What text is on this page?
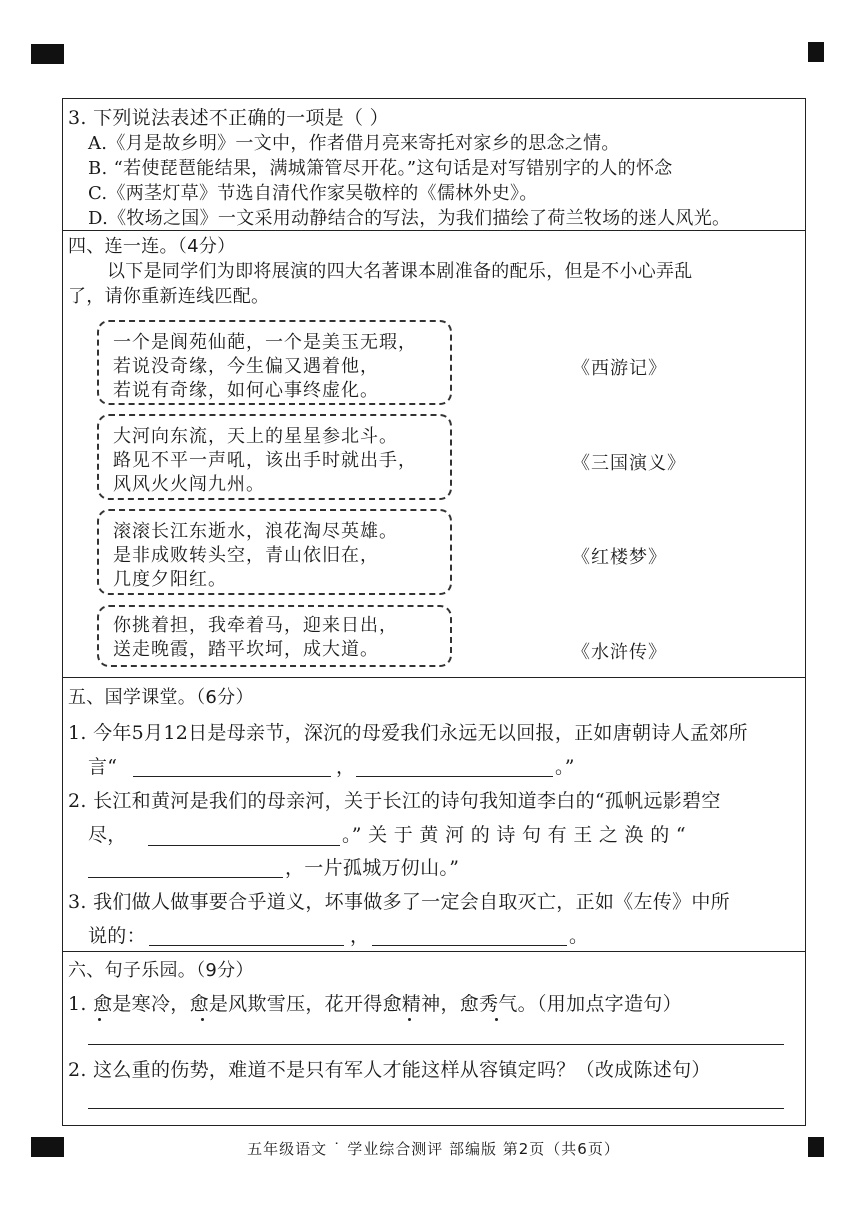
3. 下列说法表述不正确的一项是（ ）
A.《月是故乡明》一文中，作者借月亮来寄托对家乡的思念之情。
B. “若使琵琶能结果，满城箫管尽开花。”这句话是对写错别字的人的怀念
C.《两茎灯草》节选自清代作家吴敬梓的《儒林外史》。
D.《牧场之国》一文采用动静结合的写法，为我们描绘了荷兰牧场的迷人风光。
四、连一连。（4分）
以下是同学们为即将展演的四大名著课本剧准备的配乐，但是不小心弄乱
了，请你重新连线匹配。
一个是阆苑仙葩，一个是美玉无瑕，
若说没奇缘，今生偏又遇着他，
若说有奇缘，如何心事终虚化。
大河向东流，天上的星星参北斗。
路见不平一声吼，该出手时就出手，
风风火火闯九州。
滚滚长江东逝水，浪花淘尽英雄。
是非成败转头空，青山依旧在，
几度夕阳红。
你挑着担，我牵着马，迎来日出，
送走晚霞，踏平坎坷，成大道。
《西游记》
《三国演义》
《红楼梦》
《水浒传》
五、国学课堂。（6分）
1. 今年5月12日是母亲节，深沉的母爱我们永远无以回报，正如唐朝诗人孟郊所
言“	，	。”
2. 长江和黄河是我们的母亲河，关于长江的诗句我知道李白的“孤帆远影碧空
尽，	。” 关 于 黄 河 的 诗 句 有 王 之 涣 的 “
，一片孤城万仞山。”
3. 我们做人做事要合乎道义，坏事做多了一定会自取灭亡，正如《左传》中所
说的：	，	。
六、句子乐园。（9分）
1. 愈是寒冷，愈是风欺雪压，花开得愈精神，愈秀气。（用加点字造句）
2. 这么重的伤势，难道不是只有军人才能这样从容镇定吗？（改成陈述句）
五年级语文 ˙ 学业综合测评 部编版 第2页（共6页）
